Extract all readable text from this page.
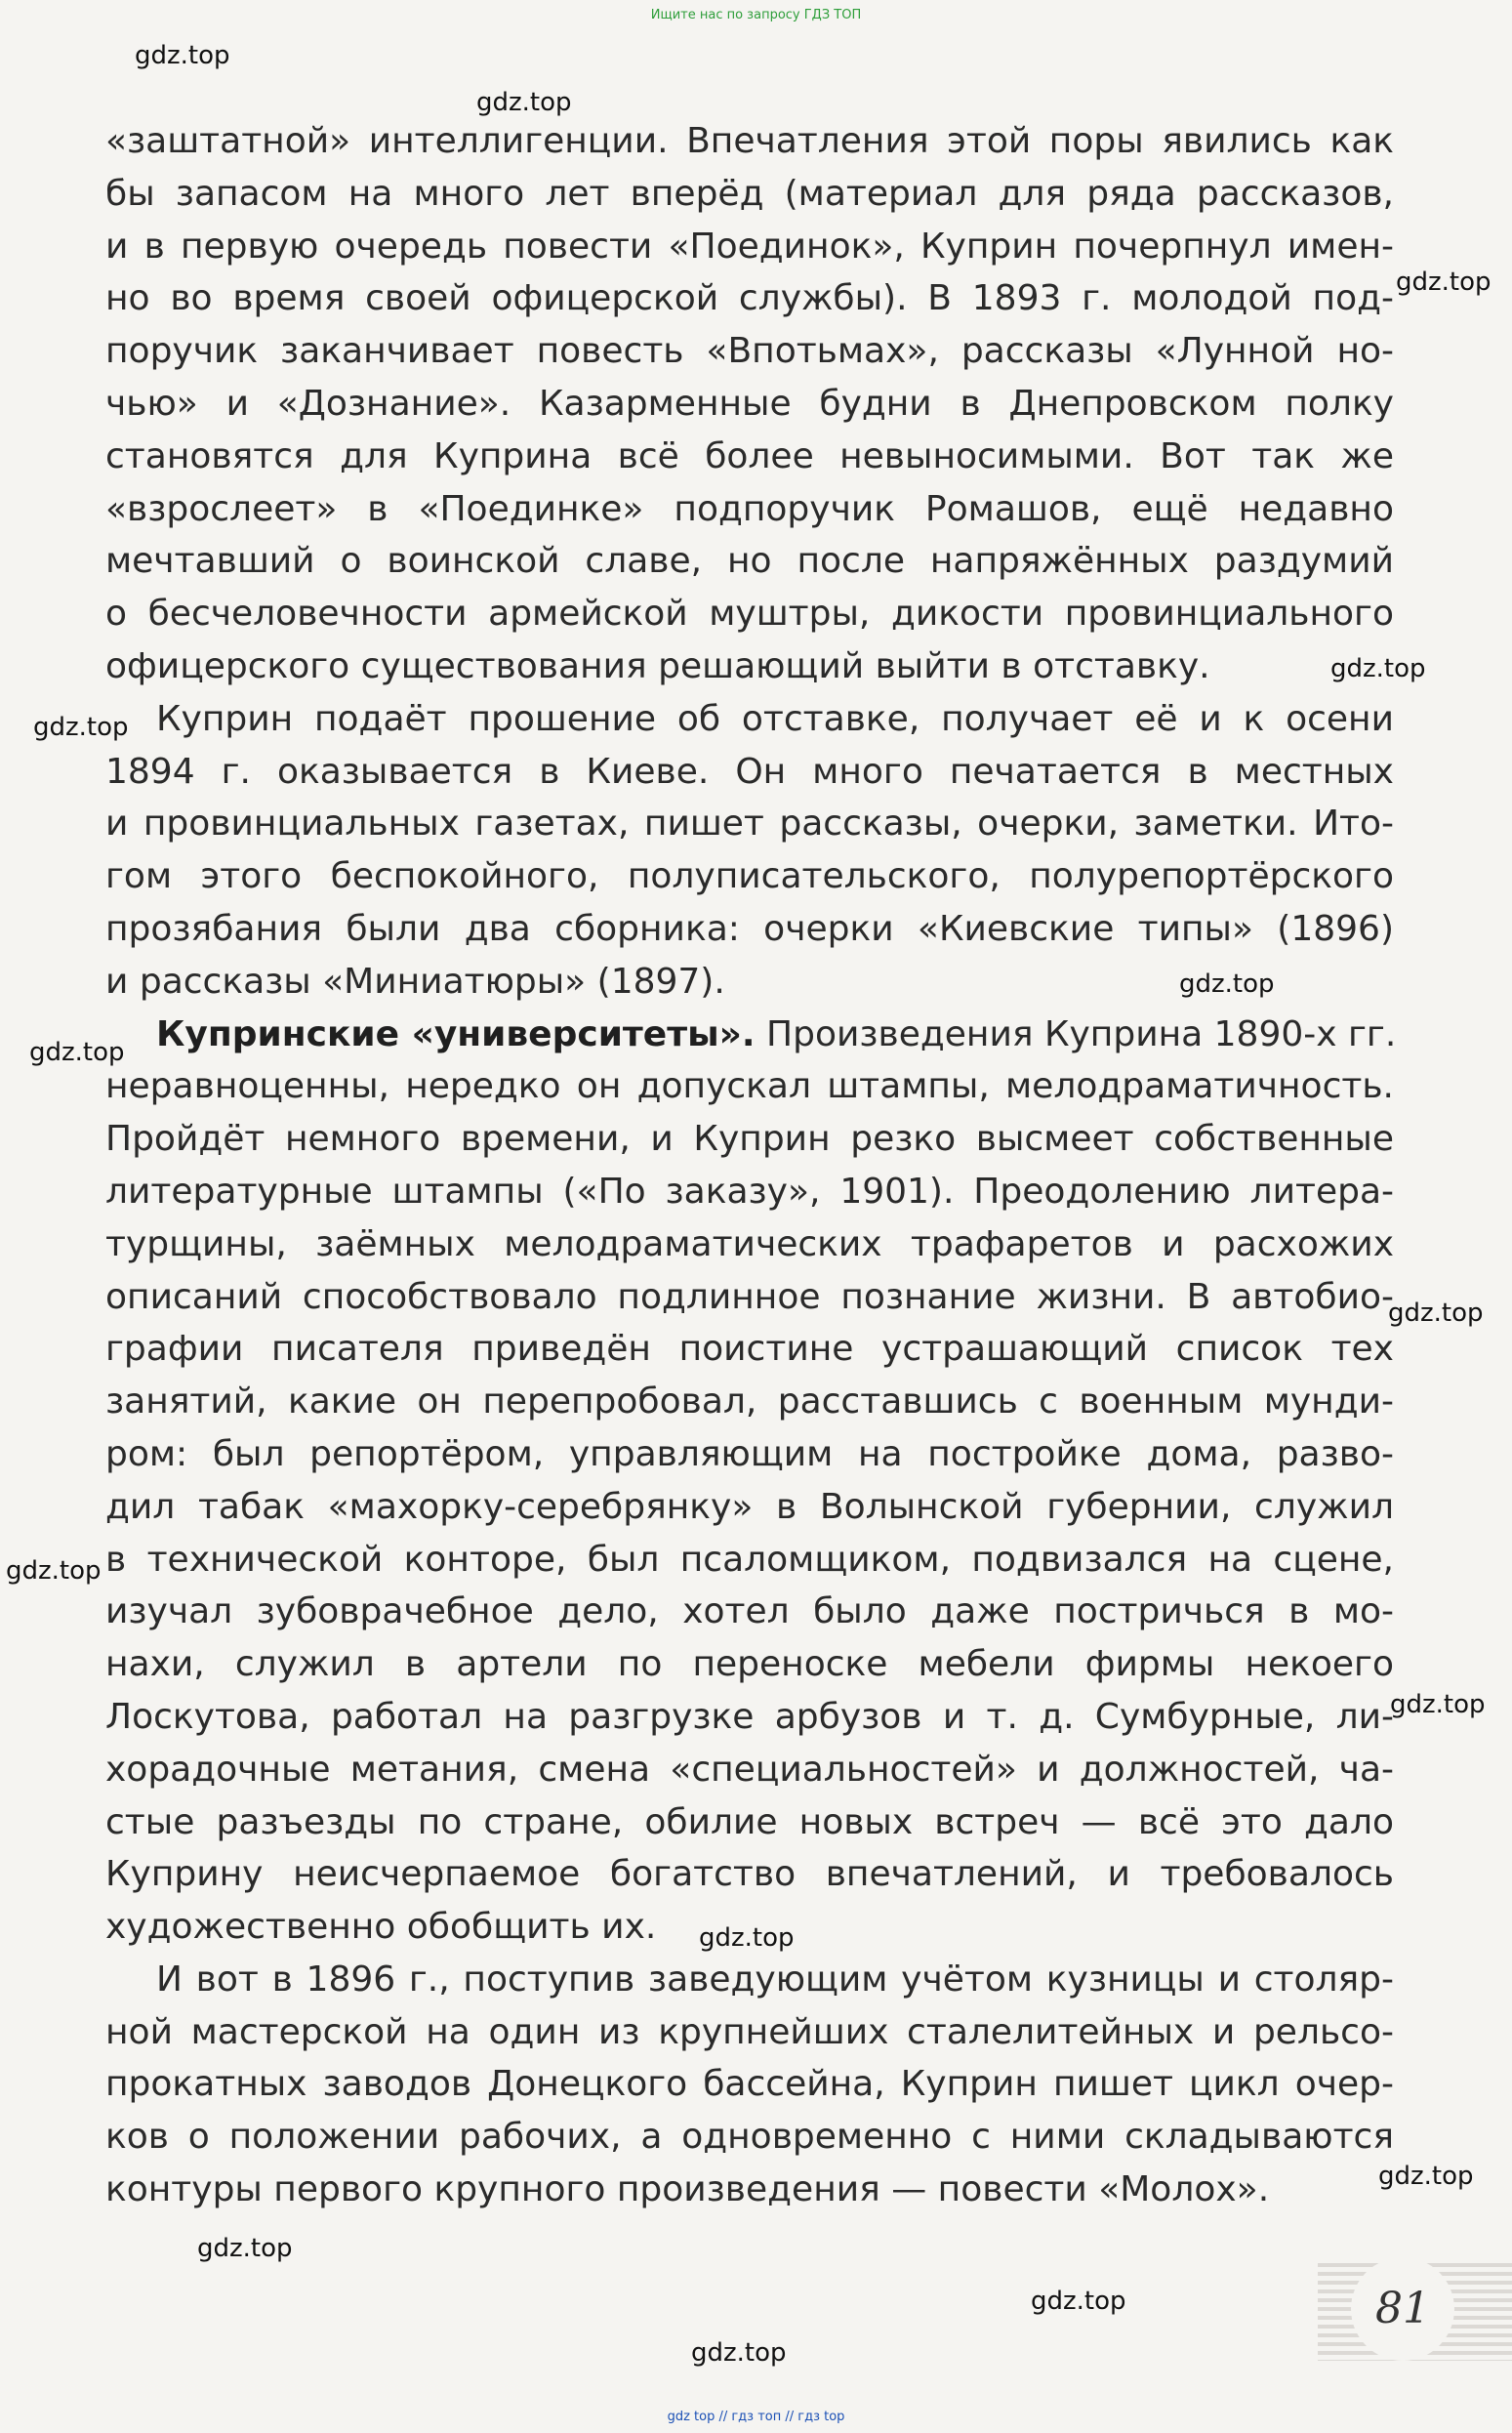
Ищите нас по запросу ГДЗ ТОП
gdz.top
gdz.top
gdz.top
gdz.top
gdz.top
gdz.top
gdz.top
gdz.top
gdz.top
gdz.top
gdz.top
gdz.top
gdz.top
gdz.top
gdz.top
«заштатной» интеллигенции. Впечатления этой поры явились как
бы запасом на много лет вперёд (материал для ряда рассказов,
и в первую очередь повести «Поединок», Куприн почерпнул имен-
но во время своей офицерской службы). В 1893 г. молодой под-
поручик заканчивает повесть «Впотьмах», рассказы «Лунной но-
чью» и «Дознание». Казарменные будни в Днепровском полку
становятся для Куприна всё более невыносимыми. Вот так же
«взрослеет» в «Поединке» подпоручик Ромашов, ещё недавно
мечтавший о воинской славе, но после напряжённых раздумий
о бесчеловечности армейской муштры, дикости провинциального
офицерского существования решающий выйти в отставку.
Куприн подаёт прошение об отставке, получает её и к осени
1894 г. оказывается в Киеве. Он много печатается в местных
и провинциальных газетах, пишет рассказы, очерки, заметки. Ито-
гом этого беспокойного, полуписательского, полурепортёрского
прозябания были два сборника: очерки «Киевские типы» (1896)
и рассказы «Миниатюры» (1897).
Купринские «университеты». Произведения Куприна 1890-х гг.
неравноценны, нередко он допускал штампы, мелодраматичность.
Пройдёт немного времени, и Куприн резко высмеет собственные
литературные штампы («По заказу», 1901). Преодолению литера-
турщины, заёмных мелодраматических трафаретов и расхожих
описаний способствовало подлинное познание жизни. В автобио-
графии писателя приведён поистине устрашающий список тех
занятий, какие он перепробовал, расставшись с военным мунди-
ром: был репортёром, управляющим на постройке дома, разво-
дил табак «махорку-серебрянку» в Волынской губернии, служил
в технической конторе, был псаломщиком, подвизался на сцене,
изучал зубоврачебное дело, хотел было даже постричься в мо-
нахи, служил в артели по переноске мебели фирмы некоего
Лоскутова, работал на разгрузке арбузов и т. д. Сумбурные, ли-
хорадочные метания, смена «специальностей» и должностей, ча-
стые разъезды по стране, обилие новых встреч — всё это дало
Куприну неисчерпаемое богатство впечатлений, и требовалось
художественно обобщить их.
И вот в 1896 г., поступив заведующим учётом кузницы и столяр-
ной мастерской на один из крупнейших сталелитейных и рельсо-
прокатных заводов Донецкого бассейна, Куприн пишет цикл очер-
ков о положении рабочих, а одновременно с ними складываются
контуры первого крупного произведения — повести «Молох».
81
gdz top // гдз топ // гдз top
